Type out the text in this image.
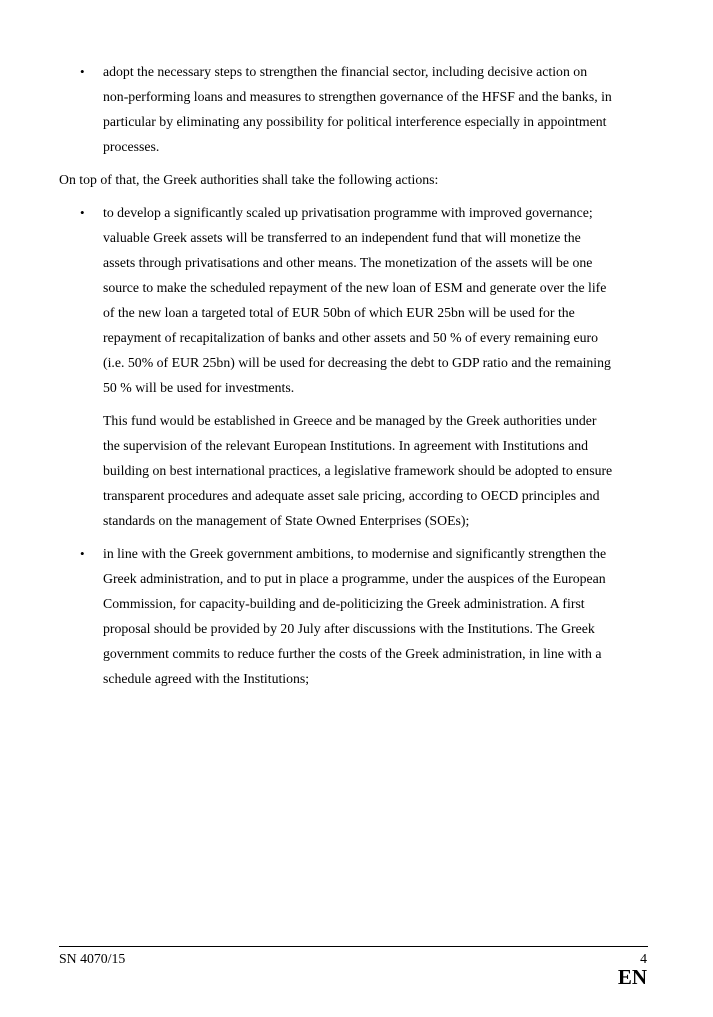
• adopt the necessary steps to strengthen the financial sector, including decisive action on
non-performing loans and measures to strengthen governance of the HFSF and the banks, in
particular by eliminating any possibility for political interference especially in appointment
processes.
On top of that, the Greek authorities shall take the following actions:
• to develop a significantly scaled up privatisation programme with improved governance;
valuable Greek assets will be transferred to an independent fund that will monetize the
assets through privatisations and other means. The monetization of the assets will be one
source to make the scheduled repayment of the new loan of ESM and generate over the life
of the new loan a targeted total of EUR 50bn of which EUR 25bn will be used for the
repayment of recapitalization of banks and other assets and 50 % of every remaining euro
(i.e. 50% of EUR 25bn) will be used for decreasing the debt to GDP ratio and the remaining
50 % will be used for investments.
This fund would be established in Greece and be managed by the Greek authorities under
the supervision of the relevant European Institutions. In agreement with Institutions and
building on best international practices, a legislative framework should be adopted to ensure
transparent procedures and adequate asset sale pricing, according to OECD principles and
standards on the management of State Owned Enterprises (SOEs);
• in line with the Greek government ambitions, to modernise and significantly strengthen the
Greek administration, and to put in place a programme, under the auspices of the European
Commission, for capacity-building and de-politicizing the Greek administration. A first
proposal should be provided by 20 July after discussions with the Institutions. The Greek
government commits to reduce further the costs of the Greek administration, in line with a
schedule agreed with the Institutions;
SN 4070/15	4
EN
